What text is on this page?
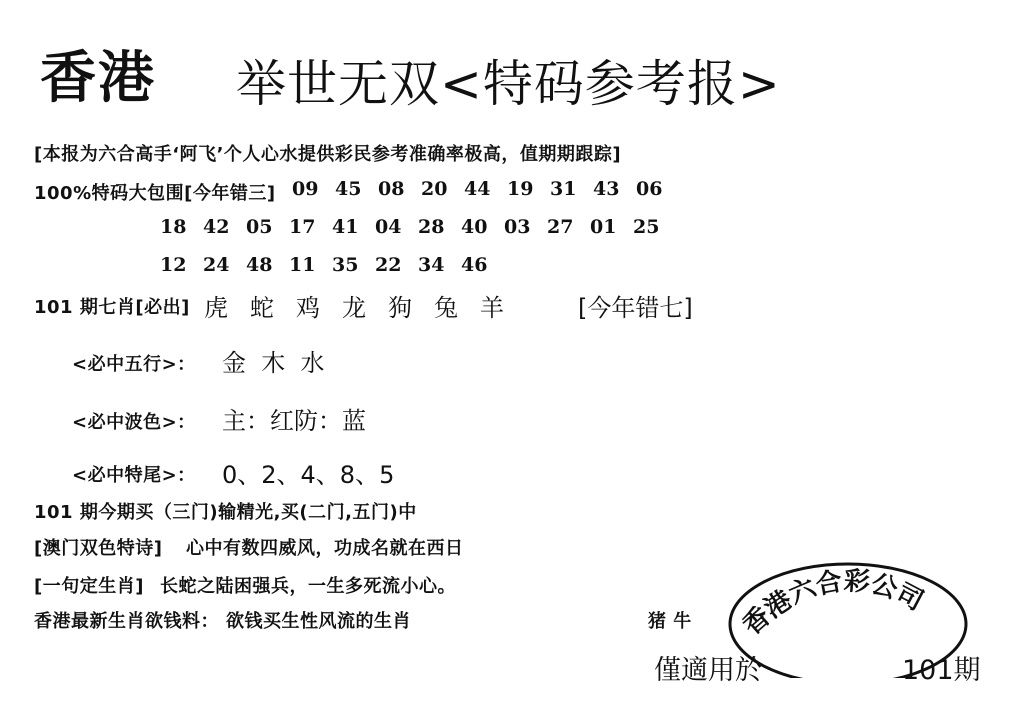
香港 举世无双<特码参考报>
[本报为六合高手‘阿飞’个人心水提供彩民参考准确率极高，值期期跟踪]
100%特码大包围[今年错三] 09 45 08 20 44 19 31 43 06
18 42 05 17 41 04 28 40 03 27 01 25
12 24 48 11 35 22 34 46
101 期七肖[必出] 虎 蛇 鸡 龙 狗 兔 羊	[今年错七]
<必中五行>： 金  木  水
<必中波色>： 主：红防：蓝
<必中特尾>： 0、2、4、8、5
101 期今期买（三门)输精光,买(二门,五门)中
[澳门双色特诗] 心中有数四威风，功成名就在西日
[一句定生肖] 长蛇之陆困强兵，一生多死流小心。
香港最新生肖欲钱料： 欲钱买生性风流的生肖	猪 牛 香港六合彩公司
僅適用於	101期
